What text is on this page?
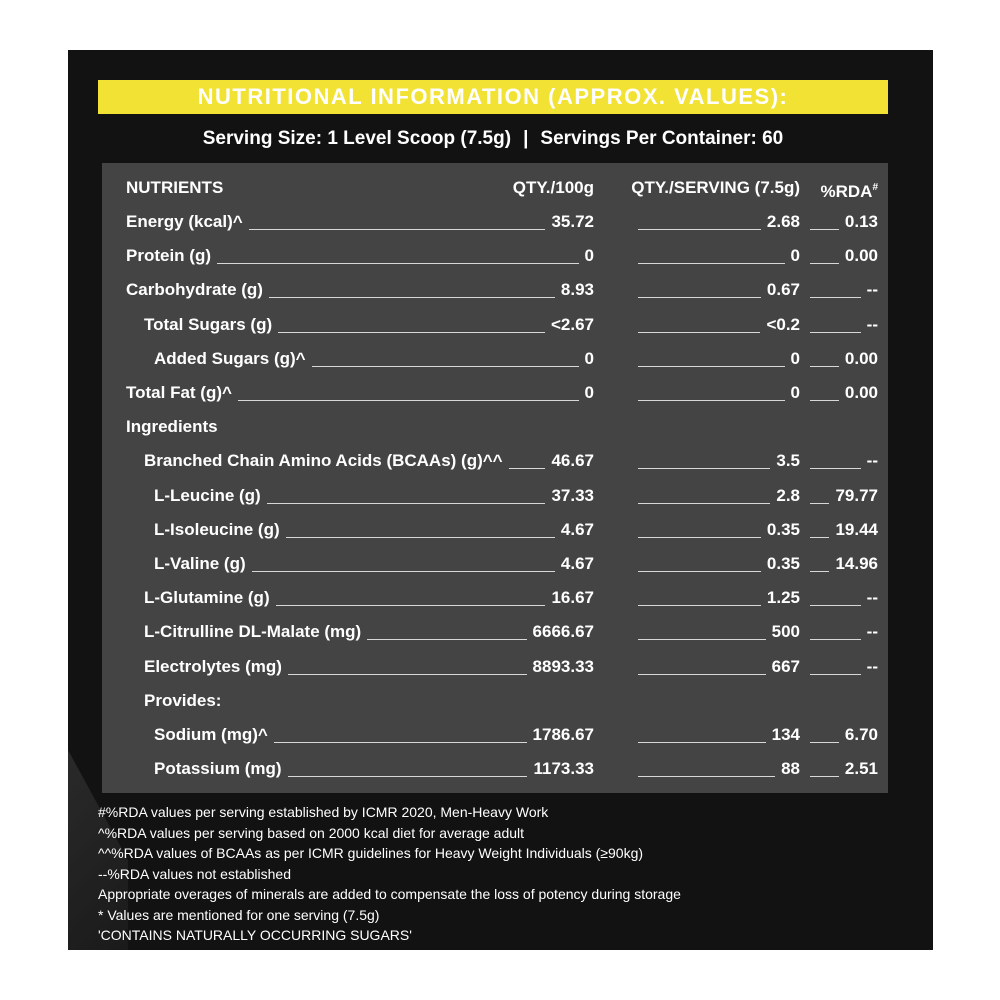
NUTRITIONAL INFORMATION (APPROX. VALUES):
Serving Size: 1 Level Scoop (7.5g) | Servings Per Container: 60
NUTRIENTS	QTY./100g	QTY./SERVING (7.5g)	%RDA#
Energy (kcal)^	35.72	2.68	0.13
Protein (g)	0	0	0.00
Carbohydrate (g)	8.93	0.67	--
Total Sugars (g)	<2.67	<0.2	--
Added Sugars (g)^	0	0	0.00
Total Fat (g)^	0	0	0.00
Ingredients
Branched Chain Amino Acids (BCAAs) (g)^^	46.67	3.5	--
L-Leucine (g)	37.33	2.8	79.77
L-Isoleucine (g)	4.67	0.35	19.44
L-Valine (g)	4.67	0.35	14.96
L-Glutamine (g)	16.67	1.25	--
L-Citrulline DL-Malate (mg)	6666.67	500	--
Electrolytes (mg)	8893.33	667	--
Provides:
Sodium (mg)^	1786.67	134	6.70
Potassium (mg)	1173.33	88	2.51
#%RDA values per serving established by ICMR 2020, Men-Heavy Work
^%RDA values per serving based on 2000 kcal diet for average adult
^^%RDA values of BCAAs as per ICMR guidelines for Heavy Weight Individuals (≥90kg)
--%RDA values not established
Appropriate overages of minerals are added to compensate the loss of potency during storage
* Values are mentioned for one serving (7.5g)
'CONTAINS NATURALLY OCCURRING SUGARS'
